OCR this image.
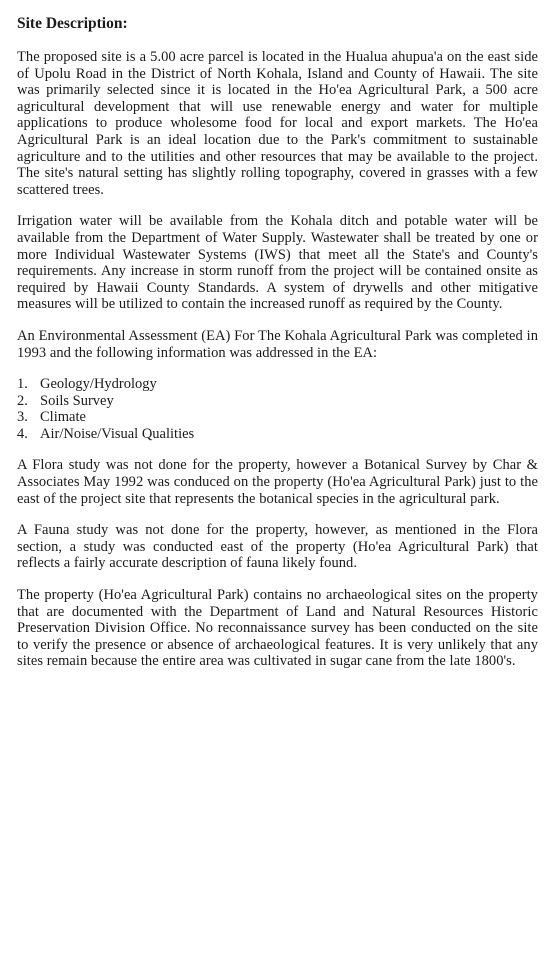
Site Description:

The proposed site is a 5.00 acre parcel is located in the Hualua ahupua'a on the east side of Upolu Road in the District of North Kohala, Island and County of Hawaii. The site was primarily selected since it is located in the Ho'ea Agricultural Park, a 500 acre agricultural development that will use renewable energy and water for multiple applications to produce wholesome food for local and export markets. The Ho'ea Agricultural Park is an ideal location due to the Park's commitment to sustainable agriculture and to the utilities and other resources that may be available to the project. The site's natural setting has slightly rolling topography, covered in grasses with a few scattered trees.

Irrigation water will be available from the Kohala ditch and potable water will be available from the Department of Water Supply. Wastewater shall be treated by one or more Individual Wastewater Systems (IWS) that meet all the State's and County's requirements. Any increase in storm runoff from the project will be contained onsite as required by Hawaii County Standards. A system of drywells and other mitigative measures will be utilized to contain the increased runoff as required by the County.

An Environmental Assessment (EA) For The Kohala Agricultural Park was completed in 1993 and the following information was addressed in the EA:

1. Geology/Hydrology
2. Soils Survey
3. Climate
4. Air/Noise/Visual Qualities

A Flora study was not done for the property, however a Botanical Survey by Char & Associates May 1992 was conduced on the property (Ho'ea Agricultural Park) just to the east of the project site that represents the botanical species in the agricultural park.

A Fauna study was not done for the property, however, as mentioned in the Flora section, a study was conducted east of the property (Ho'ea Agricultural Park) that reflects a fairly accurate description of fauna likely found.

The property (Ho'ea Agricultural Park) contains no archaeological sites on the property that are documented with the Department of Land and Natural Resources Historic Preservation Division Office. No reconnaissance survey has been conducted on the site to verify the presence or absence of archaeological features. It is very unlikely that any sites remain because the entire area was cultivated in sugar cane from the late 1800's.
